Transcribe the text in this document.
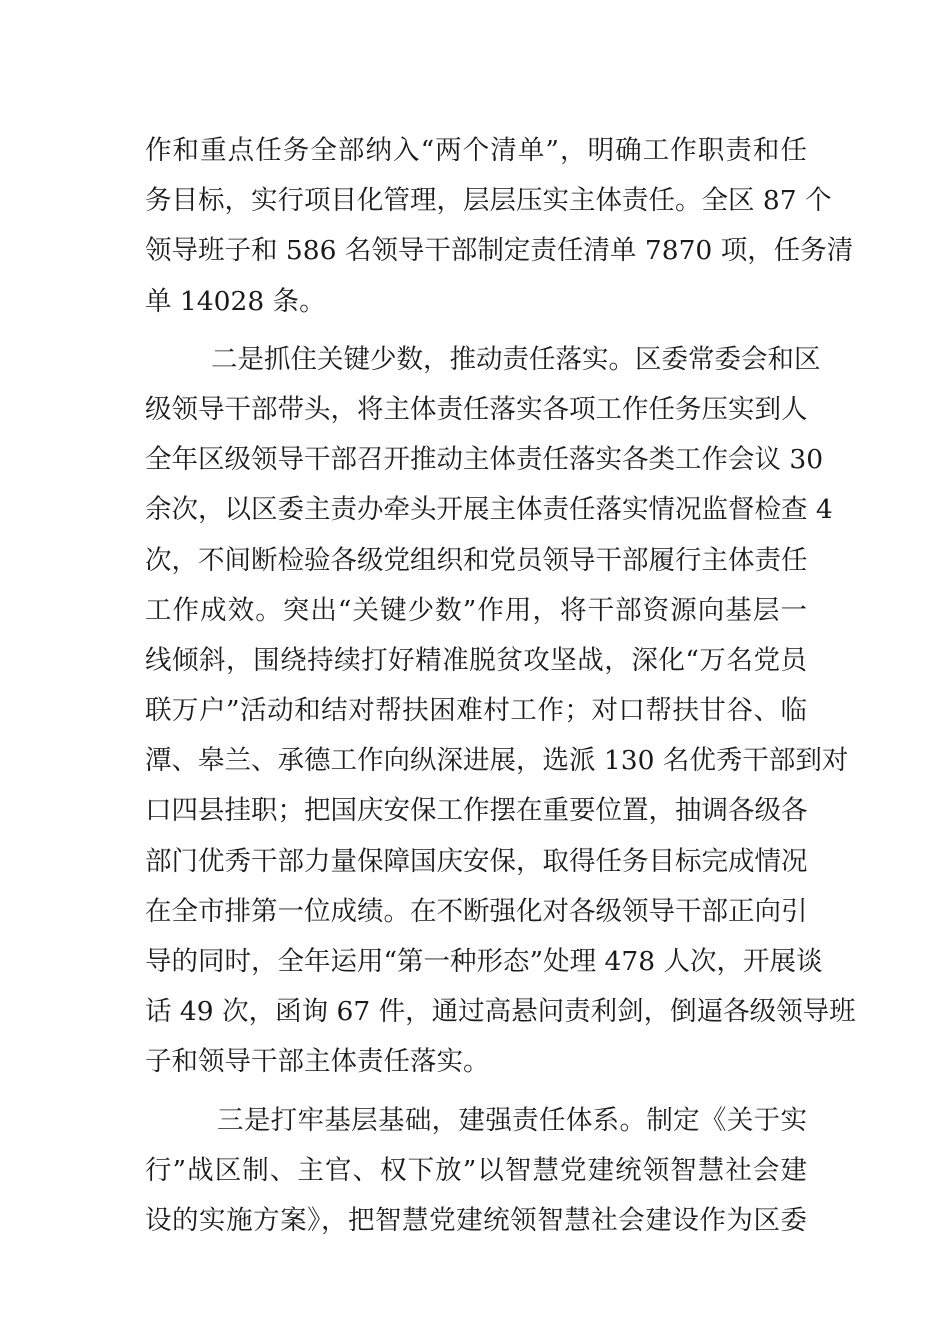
作和重点任务全部纳入“两个清单”，明确工作职责和任
务目标，实行项目化管理，层层压实主体责任。全区 87 个
领导班子和 586 名领导干部制定责任清单 7870 项，任务清
单 14028 条。
二是抓住关键少数，推动责任落实。区委常委会和区
级领导干部带头，将主体责任落实各项工作任务压实到人
全年区级领导干部召开推动主体责任落实各类工作会议 30
余次，以区委主责办牵头开展主体责任落实情况监督检查 4
次，不间断检验各级党组织和党员领导干部履行主体责任
工作成效。突出“关键少数”作用，将干部资源向基层一
线倾斜，围绕持续打好精准脱贫攻坚战，深化“万名党员
联万户”活动和结对帮扶困难村工作；对口帮扶甘谷、临
潭、皋兰、承德工作向纵深进展，选派 130 名优秀干部到对
口四县挂职；把国庆安保工作摆在重要位置，抽调各级各
部门优秀干部力量保障国庆安保，取得任务目标完成情况
在全市排第一位成绩。在不断强化对各级领导干部正向引
导的同时，全年运用“第一种形态”处理 478 人次，开展谈
话 49 次，函询 67 件，通过高悬问责利剑，倒逼各级领导班
子和领导干部主体责任落实。
三是打牢基层基础，建强责任体系。制定《关于实
行”战区制、主官、权下放”以智慧党建统领智慧社会建
设的实施方案》，把智慧党建统领智慧社会建设作为区委
